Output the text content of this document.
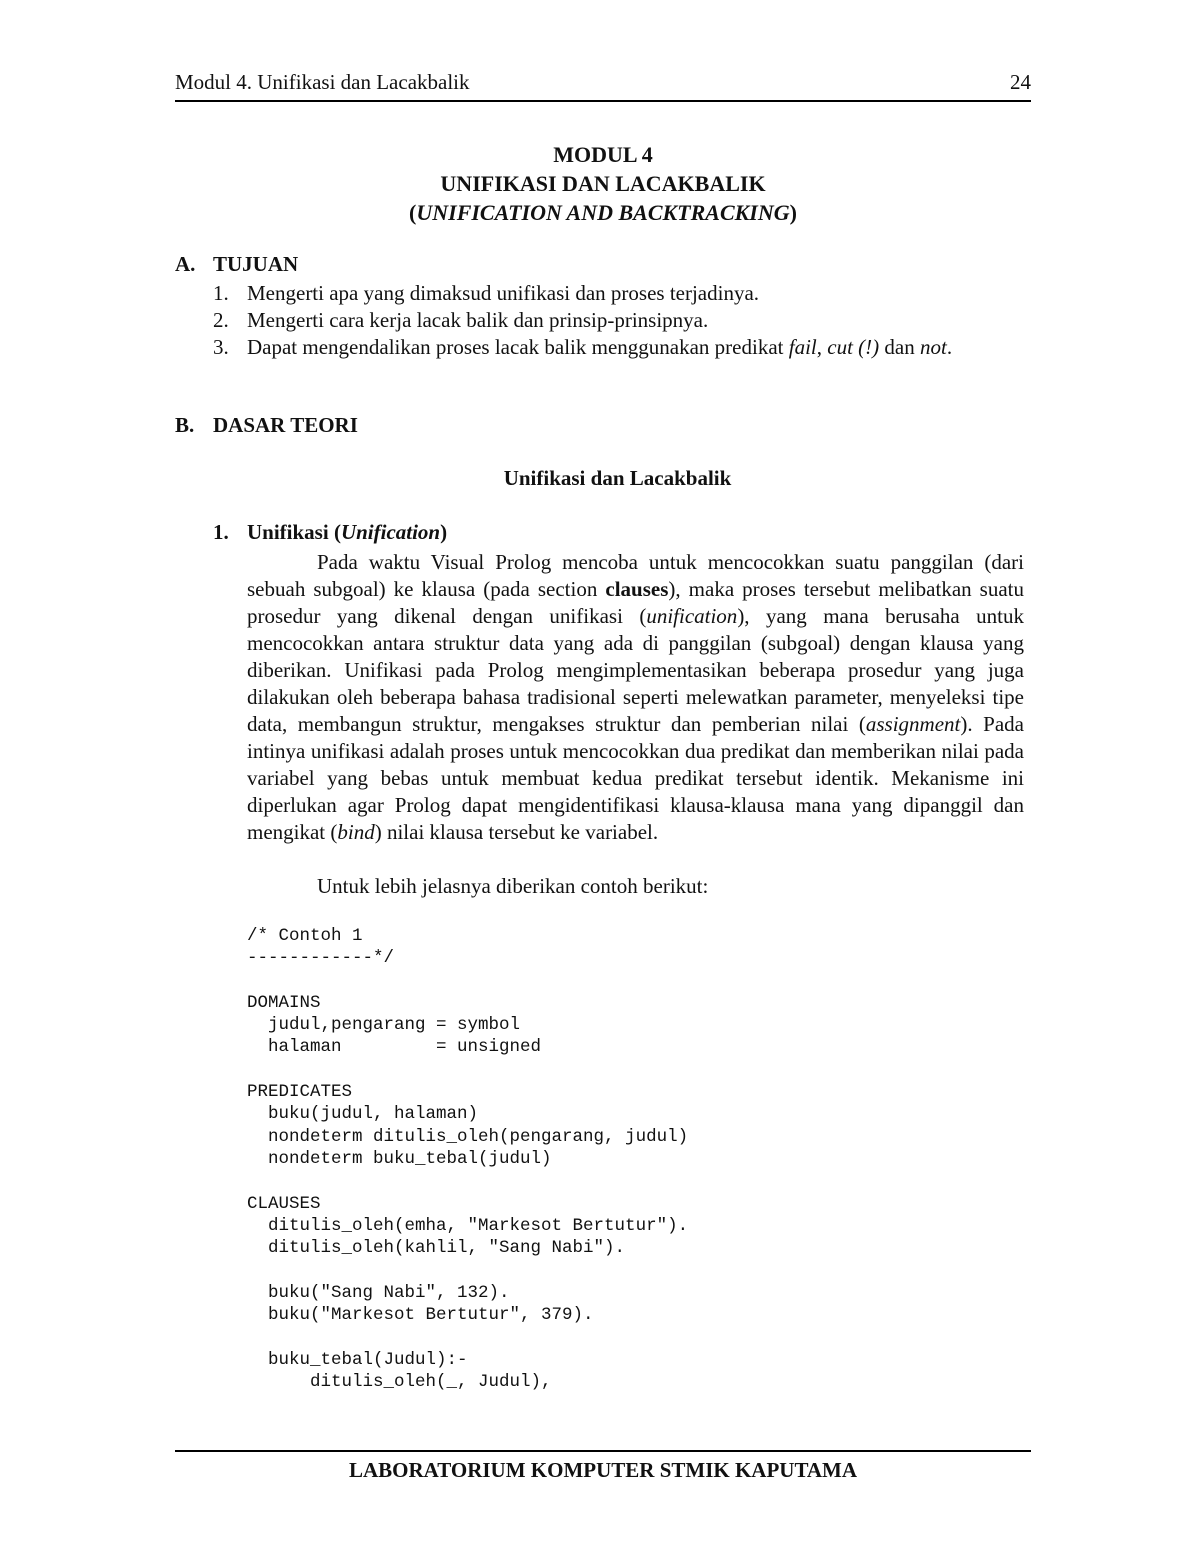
Modul 4. Unifikasi dan Lacakbalik	24
MODUL 4
UNIFIKASI DAN LACAKBALIK
(UNIFICATION AND BACKTRACKING)
A. TUJUAN
1. Mengerti apa yang dimaksud unifikasi dan proses terjadinya.
2. Mengerti cara kerja lacak balik dan prinsip-prinsipnya.
3. Dapat mengendalikan proses lacak balik menggunakan predikat fail, cut (!) dan not.
B. DASAR TEORI
Unifikasi dan Lacakbalik
1. Unifikasi (Unification)

Pada waktu Visual Prolog mencoba untuk mencocokkan suatu panggilan (dari sebuah subgoal) ke klausa (pada section clauses), maka proses tersebut melibatkan suatu prosedur yang dikenal dengan unifikasi (unification), yang mana berusaha untuk mencocokkan antara struktur data yang ada di panggilan (subgoal) dengan klausa yang diberikan. Unifikasi pada Prolog mengimplementasikan beberapa prosedur yang juga dilakukan oleh beberapa bahasa tradisional seperti melewatkan parameter, menyeleksi tipe data, membangun struktur, mengakses struktur dan pemberian nilai (assignment). Pada intinya unifikasi adalah proses untuk mencocokkan dua predikat dan memberikan nilai pada variabel yang bebas untuk membuat kedua predikat tersebut identik. Mekanisme ini diperlukan agar Prolog dapat mengidentifikasi klausa-klausa mana yang dipanggil dan mengikat (bind) nilai klausa tersebut ke variabel.

Untuk lebih jelasnya diberikan contoh berikut:

/* Contoh 1
------------*/

DOMAINS
judul,pengarang = symbol
halaman         = unsigned

PREDICATES
buku(judul, halaman)
nondeterm ditulis_oleh(pengarang, judul)
nondeterm buku_tebal(judul)

CLAUSES
ditulis_oleh(emha, "Markesot Bertutur").
ditulis_oleh(kahlil, "Sang Nabi").

buku("Sang Nabi", 132).
buku("Markesot Bertutur", 379).

buku_tebal(Judul):-
ditulis_oleh(_, Judul),
LABORATORIUM KOMPUTER STMIK KAPUTAMA
